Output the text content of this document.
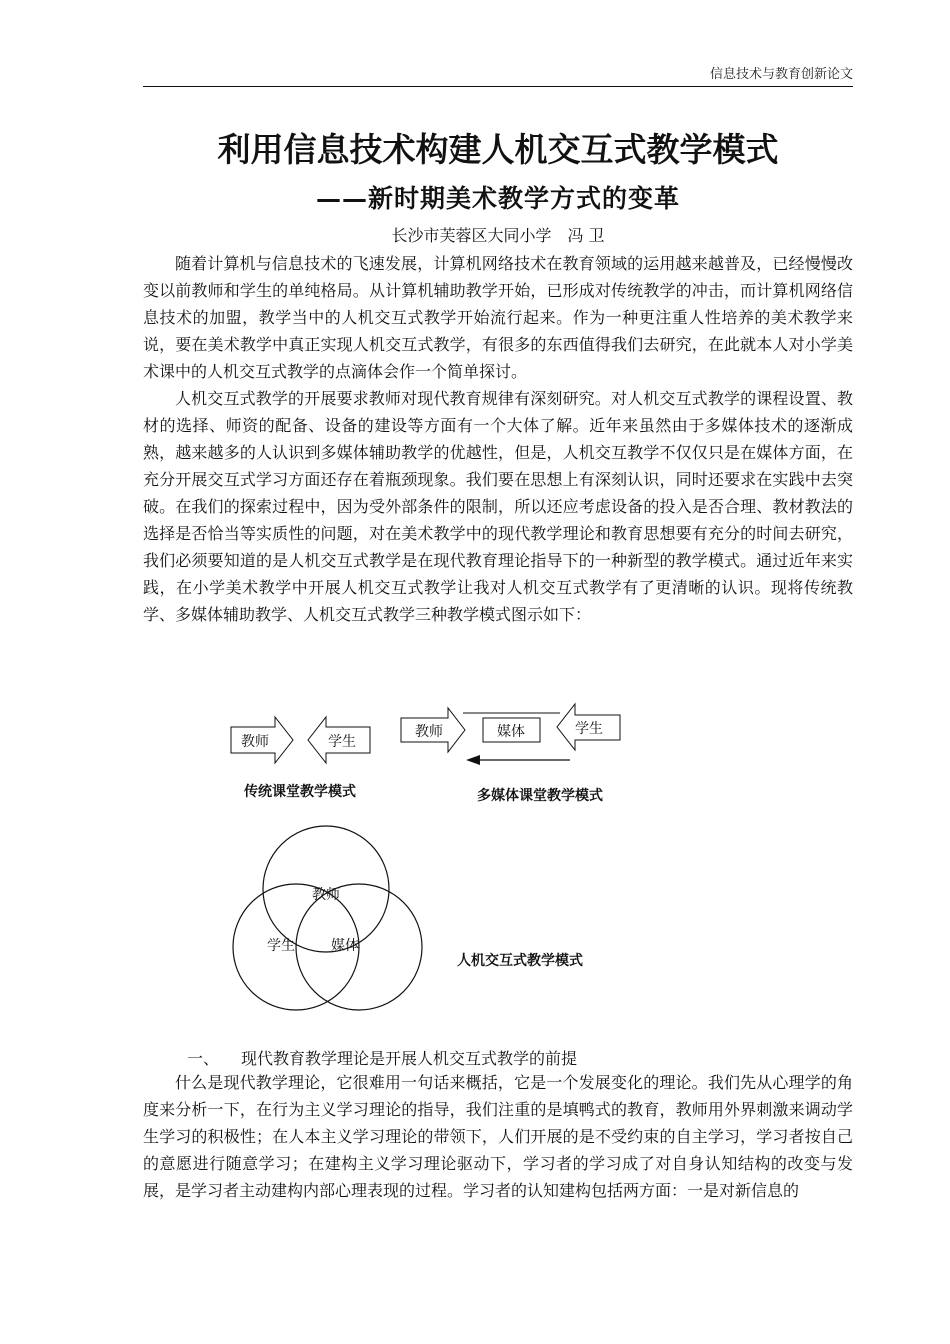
信息技术与教育创新论文
利用信息技术构建人机交互式教学模式
——新时期美术教学方式的变革
长沙市芙蓉区大同小学　冯 卫

随着计算机与信息技术的飞速发展，计算机网络技术在教育领域的运用越来越普及，已经慢慢改变以前教师和学生的单纯格局。从计算机辅助教学开始，已形成对传统教学的冲击，而计算机网络信息技术的加盟，教学当中的人机交互式教学开始流行起来。作为一种更注重人性培养的美术教学来说，要在美术教学中真正实现人机交互式教学，有很多的东西值得我们去研究，在此就本人对小学美术课中的人机交互式教学的点滴体会作一个简单探讨。

人机交互式教学的开展要求教师对现代教育规律有深刻研究。对人机交互式教学的课程设置、教材的选择、师资的配备、设备的建设等方面有一个大体了解。近年来虽然由于多媒体技术的逐渐成熟，越来越多的人认识到多媒体辅助教学的优越性，但是，人机交互教学不仅仅只是在媒体方面，在充分开展交互式学习方面还存在着瓶颈现象。我们要在思想上有深刻认识，同时还要求在实践中去突破。在我们的探索过程中，因为受外部条件的限制，所以还应考虑设备的投入是否合理、教材教法的选择是否恰当等实质性的问题，对在美术教学中的现代教学理论和教育思想要有充分的时间去研究，我们必须要知道的是人机交互式教学是在现代教育理论指导下的一种新型的教学模式。通过近年来实践，在小学美术教学中开展人机交互式教学让我对人机交互式教学有了更清晰的认识。现将传统教学、多媒体辅助教学、人机交互式教学三种教学模式图示如下：

教师	学生
传统课堂教学模式
教师	媒体	学生
多媒体课堂教学模式
教师
学生	媒体
人机交互式教学模式
一、 现代教育教学理论是开展人机交互式教学的前提

什么是现代教学理论，它很难用一句话来概括，它是一个发展变化的理论。我们先从心理学的角度来分析一下，在行为主义学习理论的指导，我们注重的是填鸭式的教育，教师用外界刺激来调动学生学习的积极性；在人本主义学习理论的带领下，人们开展的是不受约束的自主学习，学习者按自己的意愿进行随意学习；在建构主义学习理论驱动下，学习者的学习成了对自身认知结构的改变与发展，是学习者主动建构内部心理表现的过程。学习者的认知建构包括两方面：一是对新信息的
